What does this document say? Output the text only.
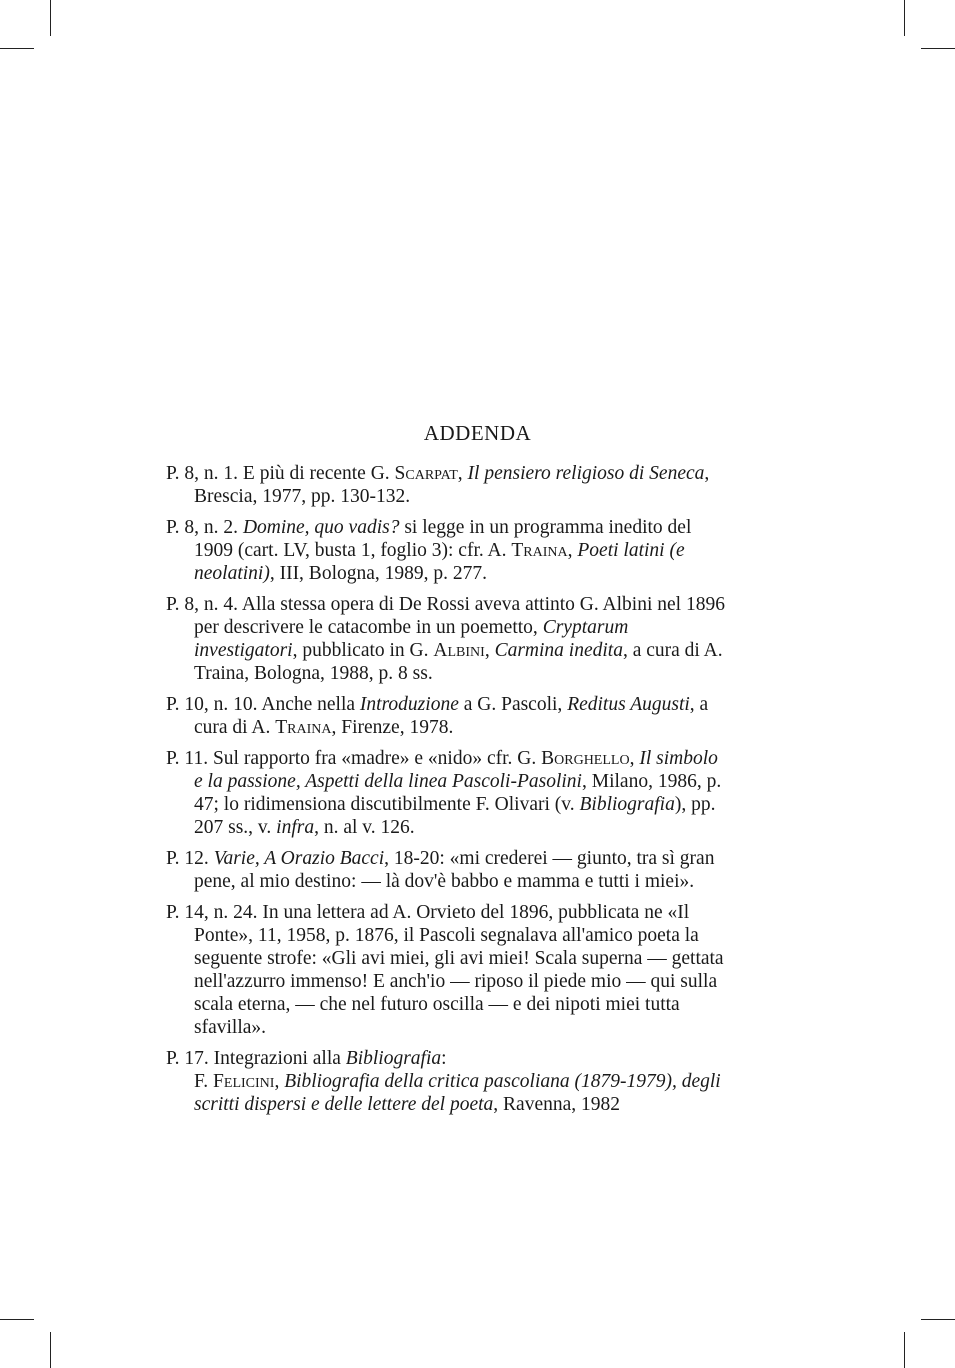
ADDENDA

P. 8, n. 1. E più di recente G. Scarpat, Il pensiero religioso di Seneca, Brescia, 1977, pp. 130-132.

P. 8, n. 2. Domine, quo vadis? si legge in un programma inedito del 1909 (cart. LV, busta 1, foglio 3): cfr. A. Traina, Poeti latini (e neolatini), III, Bologna, 1989, p. 277.

P. 8, n. 4. Alla stessa opera di De Rossi aveva attinto G. Albini nel 1896 per descrivere le catacombe in un poemetto, Cryptarum investigatori, pubblicato in G. Albini, Carmina inedita, a cura di A. Traina, Bologna, 1988, p. 8 ss.

P. 10, n. 10. Anche nella Introduzione a G. Pascoli, Reditus Augusti, a cura di A. Traina, Firenze, 1978.

P. 11. Sul rapporto fra «madre» e «nido» cfr. G. Borghello, Il simbolo e la passione, Aspetti della linea Pascoli-Pasolini, Milano, 1986, p. 47; lo ridimensiona discutibilmente F. Olivari (v. Bibliografia), pp. 207 ss., v. infra, n. al v. 126.

P. 12. Varie, A Orazio Bacci, 18-20: «mi crederei — giunto, tra sì gran pene, al mio destino: — là dov'è babbo e mamma e tutti i miei».

P. 14, n. 24. In una lettera ad A. Orvieto del 1896, pubblicata ne «Il Ponte», 11, 1958, p. 1876, il Pascoli segnalava all'amico poeta la seguente strofe: «Gli avi miei, gli avi miei! Scala superna — gettata nell'azzurro immenso! E anch'io — riposo il piede mio — qui sulla scala eterna, — che nel futuro oscilla — e dei nipoti miei tutta sfavilla».

P. 17. Integrazioni alla Bibliografia:
F. Felicini, Bibliografia della critica pascoliana (1879-1979), degli scritti dispersi e delle lettere del poeta, Ravenna, 1982
